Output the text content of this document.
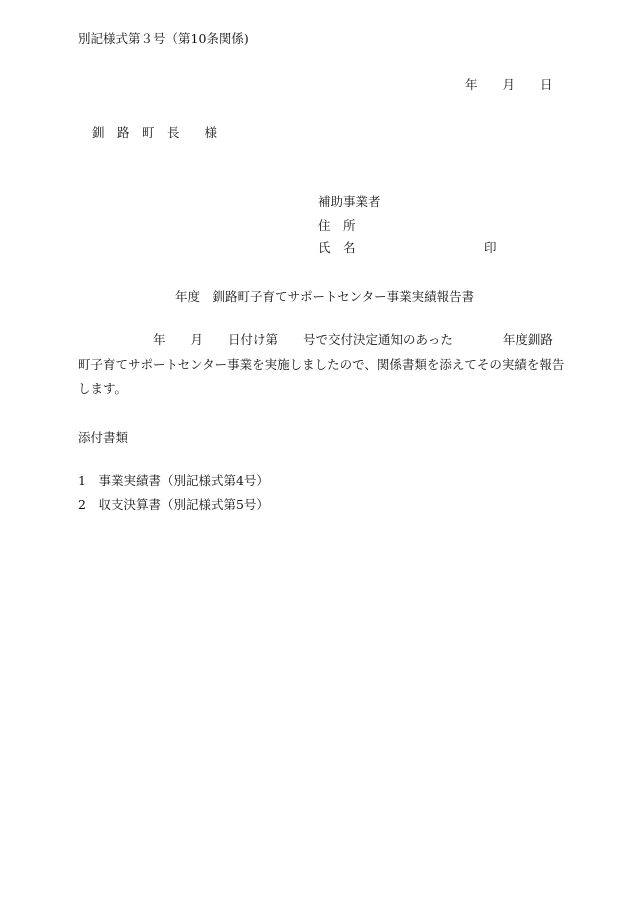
別記様式第３号（第10条関係)
年　　月　　日
釧　路　町　長　　様
補助事業者
住　所
氏　名	印
年度　釧路町子育てサポートセンター事業実績報告書
　　　　　　年　　月　　日付け第　　号で交付決定通知のあった　　　　年度釧路
町子育てサポートセンター事業を実施しましたので、関係書類を添えてその実績を報告
します。
添付書類
1　事業実績書（別記様式第4号）
2　収支決算書（別記様式第5号）
